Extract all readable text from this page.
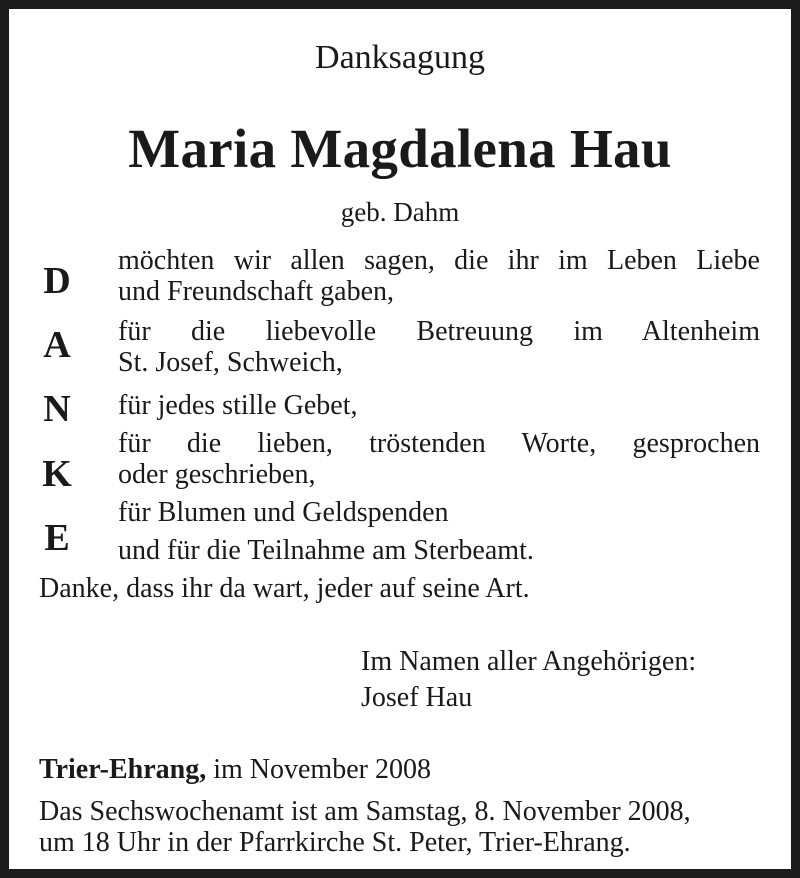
Danksagung
Maria Magdalena Hau
geb. Dahm
D
A
N
K
E
möchten wir allen sagen, die ihr im Leben Liebe
und Freundschaft gaben,
für die liebevolle Betreuung im Altenheim
St. Josef, Schweich,
für jedes stille Gebet,
für die lieben, tröstenden Worte, gesprochen
oder geschrieben,
für Blumen und Geldspenden
und für die Teilnahme am Sterbeamt.
Danke, dass ihr da wart, jeder auf seine Art.
Im Namen aller Angehörigen:
Josef Hau
Trier-Ehrang, im November 2008
Das Sechswochenamt ist am Samstag, 8. November 2008,
um 18 Uhr in der Pfarrkirche St. Peter, Trier-Ehrang.
